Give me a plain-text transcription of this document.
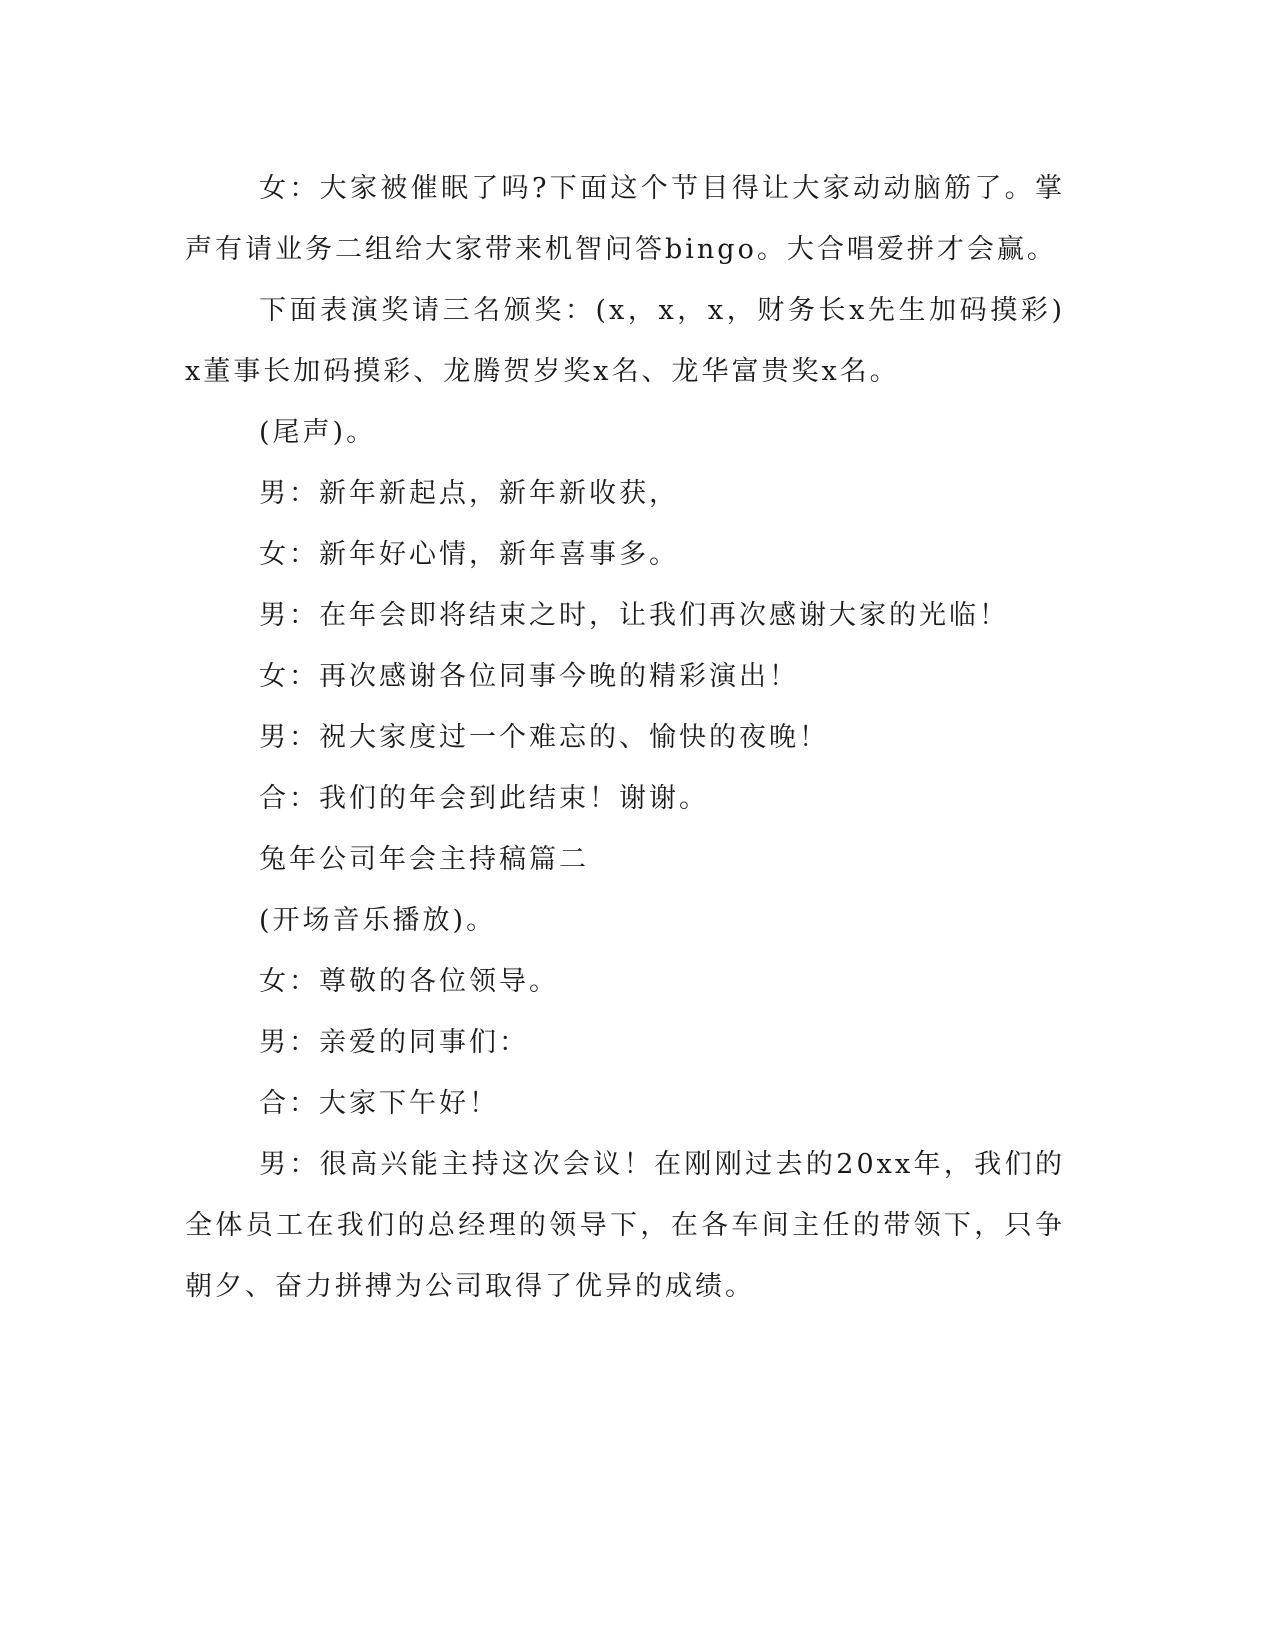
女：大家被催眠了吗?下面这个节目得让大家动动脑筋了。掌声有请业务二组给大家带来机智问答bingo。大合唱爱拼才会赢。

下面表演奖请三名颁奖：(x，x，x，财务长x先生加码摸彩)x董事长加码摸彩、龙腾贺岁奖x名、龙华富贵奖x名。

(尾声)。

男：新年新起点，新年新收获，

女：新年好心情，新年喜事多。

男：在年会即将结束之时，让我们再次感谢大家的光临！

女：再次感谢各位同事今晚的精彩演出！

男：祝大家度过一个难忘的、愉快的夜晚！

合：我们的年会到此结束！谢谢。

兔年公司年会主持稿篇二

(开场音乐播放)。

女：尊敬的各位领导。

男：亲爱的同事们：

合：大家下午好！

男：很高兴能主持这次会议！在刚刚过去的20xx年，我们的全体员工在我们的总经理的领导下，在各车间主任的带领下，只争朝夕、奋力拼搏为公司取得了优异的成绩。
